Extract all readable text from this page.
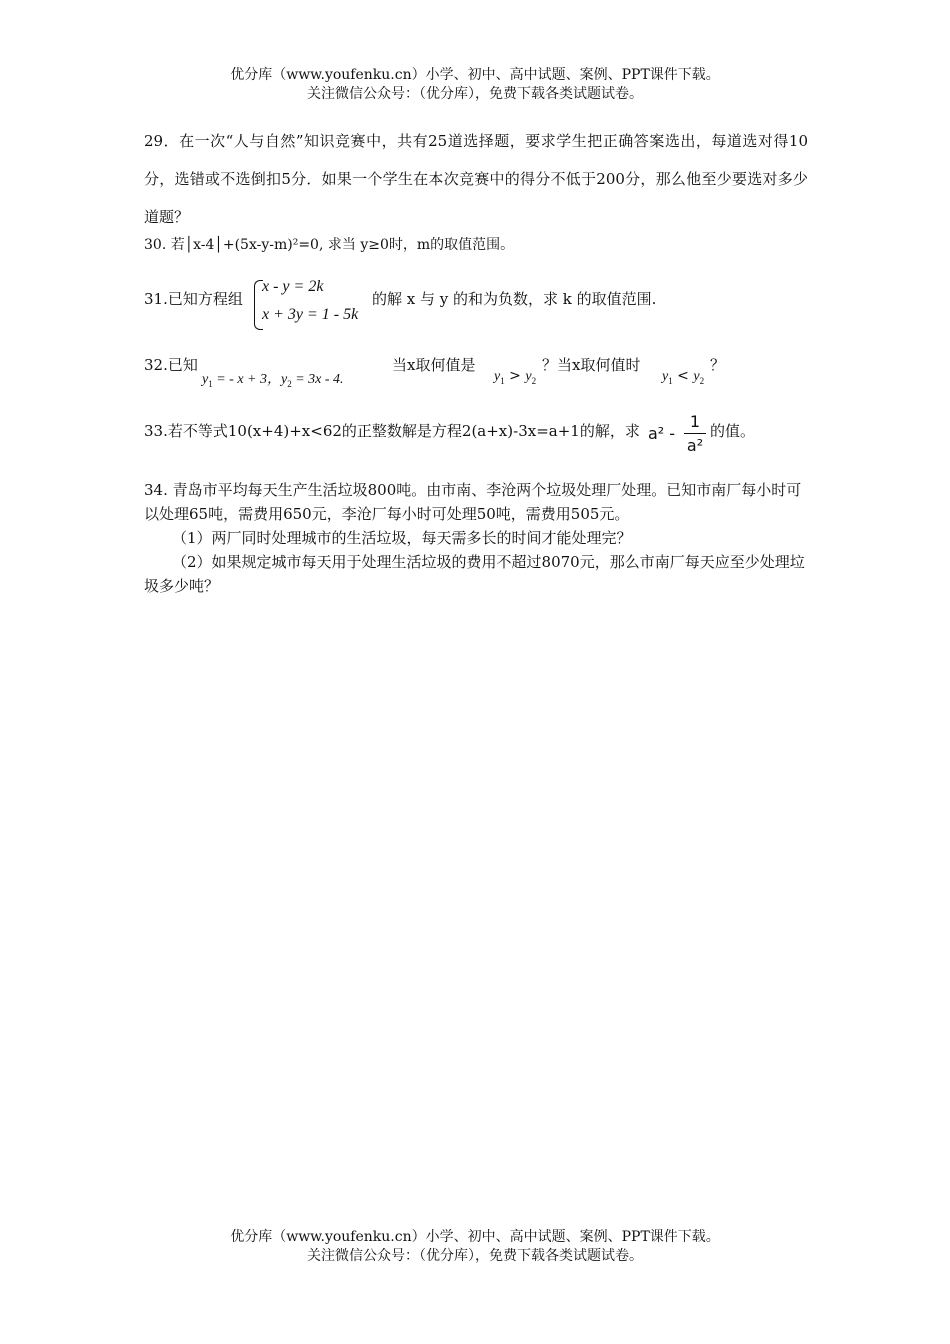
优分库（www.youfenku.cn）小学、初中、高中试题、案例、PPT课件下载。
关注微信公众号：（优分库），免费下载各类试题试卷。
29．在一次“人与自然”知识竞赛中，共有25道选择题，要求学生把正确答案选出，每道选对得10分，选错或不选倒扣5分．如果一个学生在本次竞赛中的得分不低于200分，那么他至少要选对多少道题？
30. 若│x-4│+(5x-y-m)²=0, 求当 y≥0时，m的取值范围。
31.已知方程组
x - y = 2k
x + 3y = 1 - 5k
的解 x 与 y 的和为负数，求 k 的取值范围.
32.已知
$y_1$ = - x + 3，$y_2 = 3x - 4$.
当x取何值是
$y_1 > y_2$
？当x取何值时
$y_1 < y_2$
？
33.若不等式10(x+4)+x<62的正整数解是方程2(a+x)-3x=a+1的解，求 a² -
1
a²
的值。
34. 青岛市平均每天生产生活垃圾800吨。由市南、李沧两个垃圾处理厂处理。已知市南厂每小时可以处理65吨，需费用650元，李沧厂每小时可处理50吨，需费用505元。
（1）两厂同时处理城市的生活垃圾，每天需多长的时间才能处理完？
（2）如果规定城市每天用于处理生活垃圾的费用不超过8070元，那么市南厂每天应至少处理垃圾多少吨？
优分库（www.youfenku.cn）小学、初中、高中试题、案例、PPT课件下载。
关注微信公众号：（优分库），免费下载各类试题试卷。
